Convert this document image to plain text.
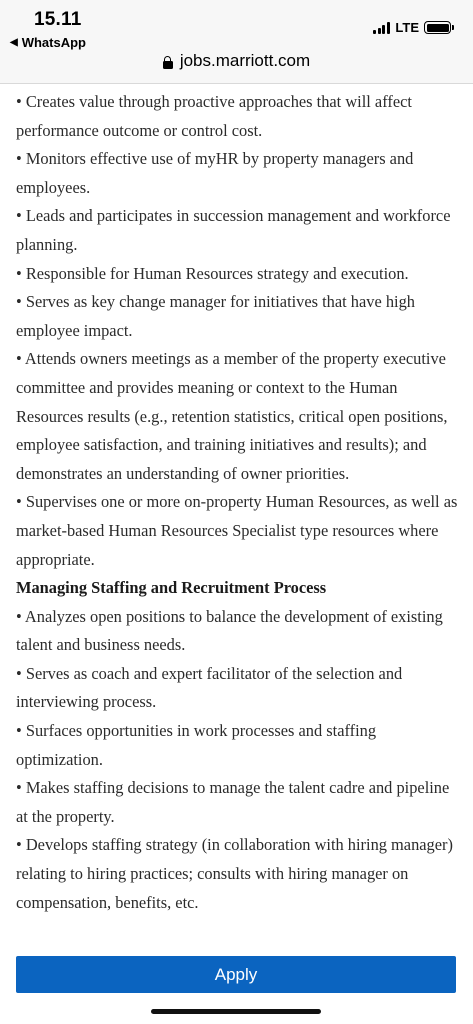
15.11
◀ WhatsApp
LTE
jobs.marriott.com

• Creates value through proactive approaches that will affect performance outcome or control cost.

• Monitors effective use of myHR by property managers and employees.

• Leads and participates in succession management and workforce planning.

• Responsible for Human Resources strategy and execution.

• Serves as key change manager for initiatives that have high employee impact.

• Attends owners meetings as a member of the property executive committee and provides meaning or context to the Human Resources results (e.g., retention statistics, critical open positions, employee satisfaction, and training initiatives and results); and demonstrates an understanding of owner priorities.

• Supervises one or more on-property Human Resources, as well as market-based Human Resources Specialist type resources where appropriate.

Managing Staffing and Recruitment Process

• Analyzes open positions to balance the development of existing talent and business needs.

• Serves as coach and expert facilitator of the selection and interviewing process.

• Surfaces opportunities in work processes and staffing optimization.

• Makes staffing decisions to manage the talent cadre and pipeline at the property.

• Develops staffing strategy (in collaboration with hiring manager) relating to hiring practices; consults with hiring manager on compensation, benefits, etc.

Apply
